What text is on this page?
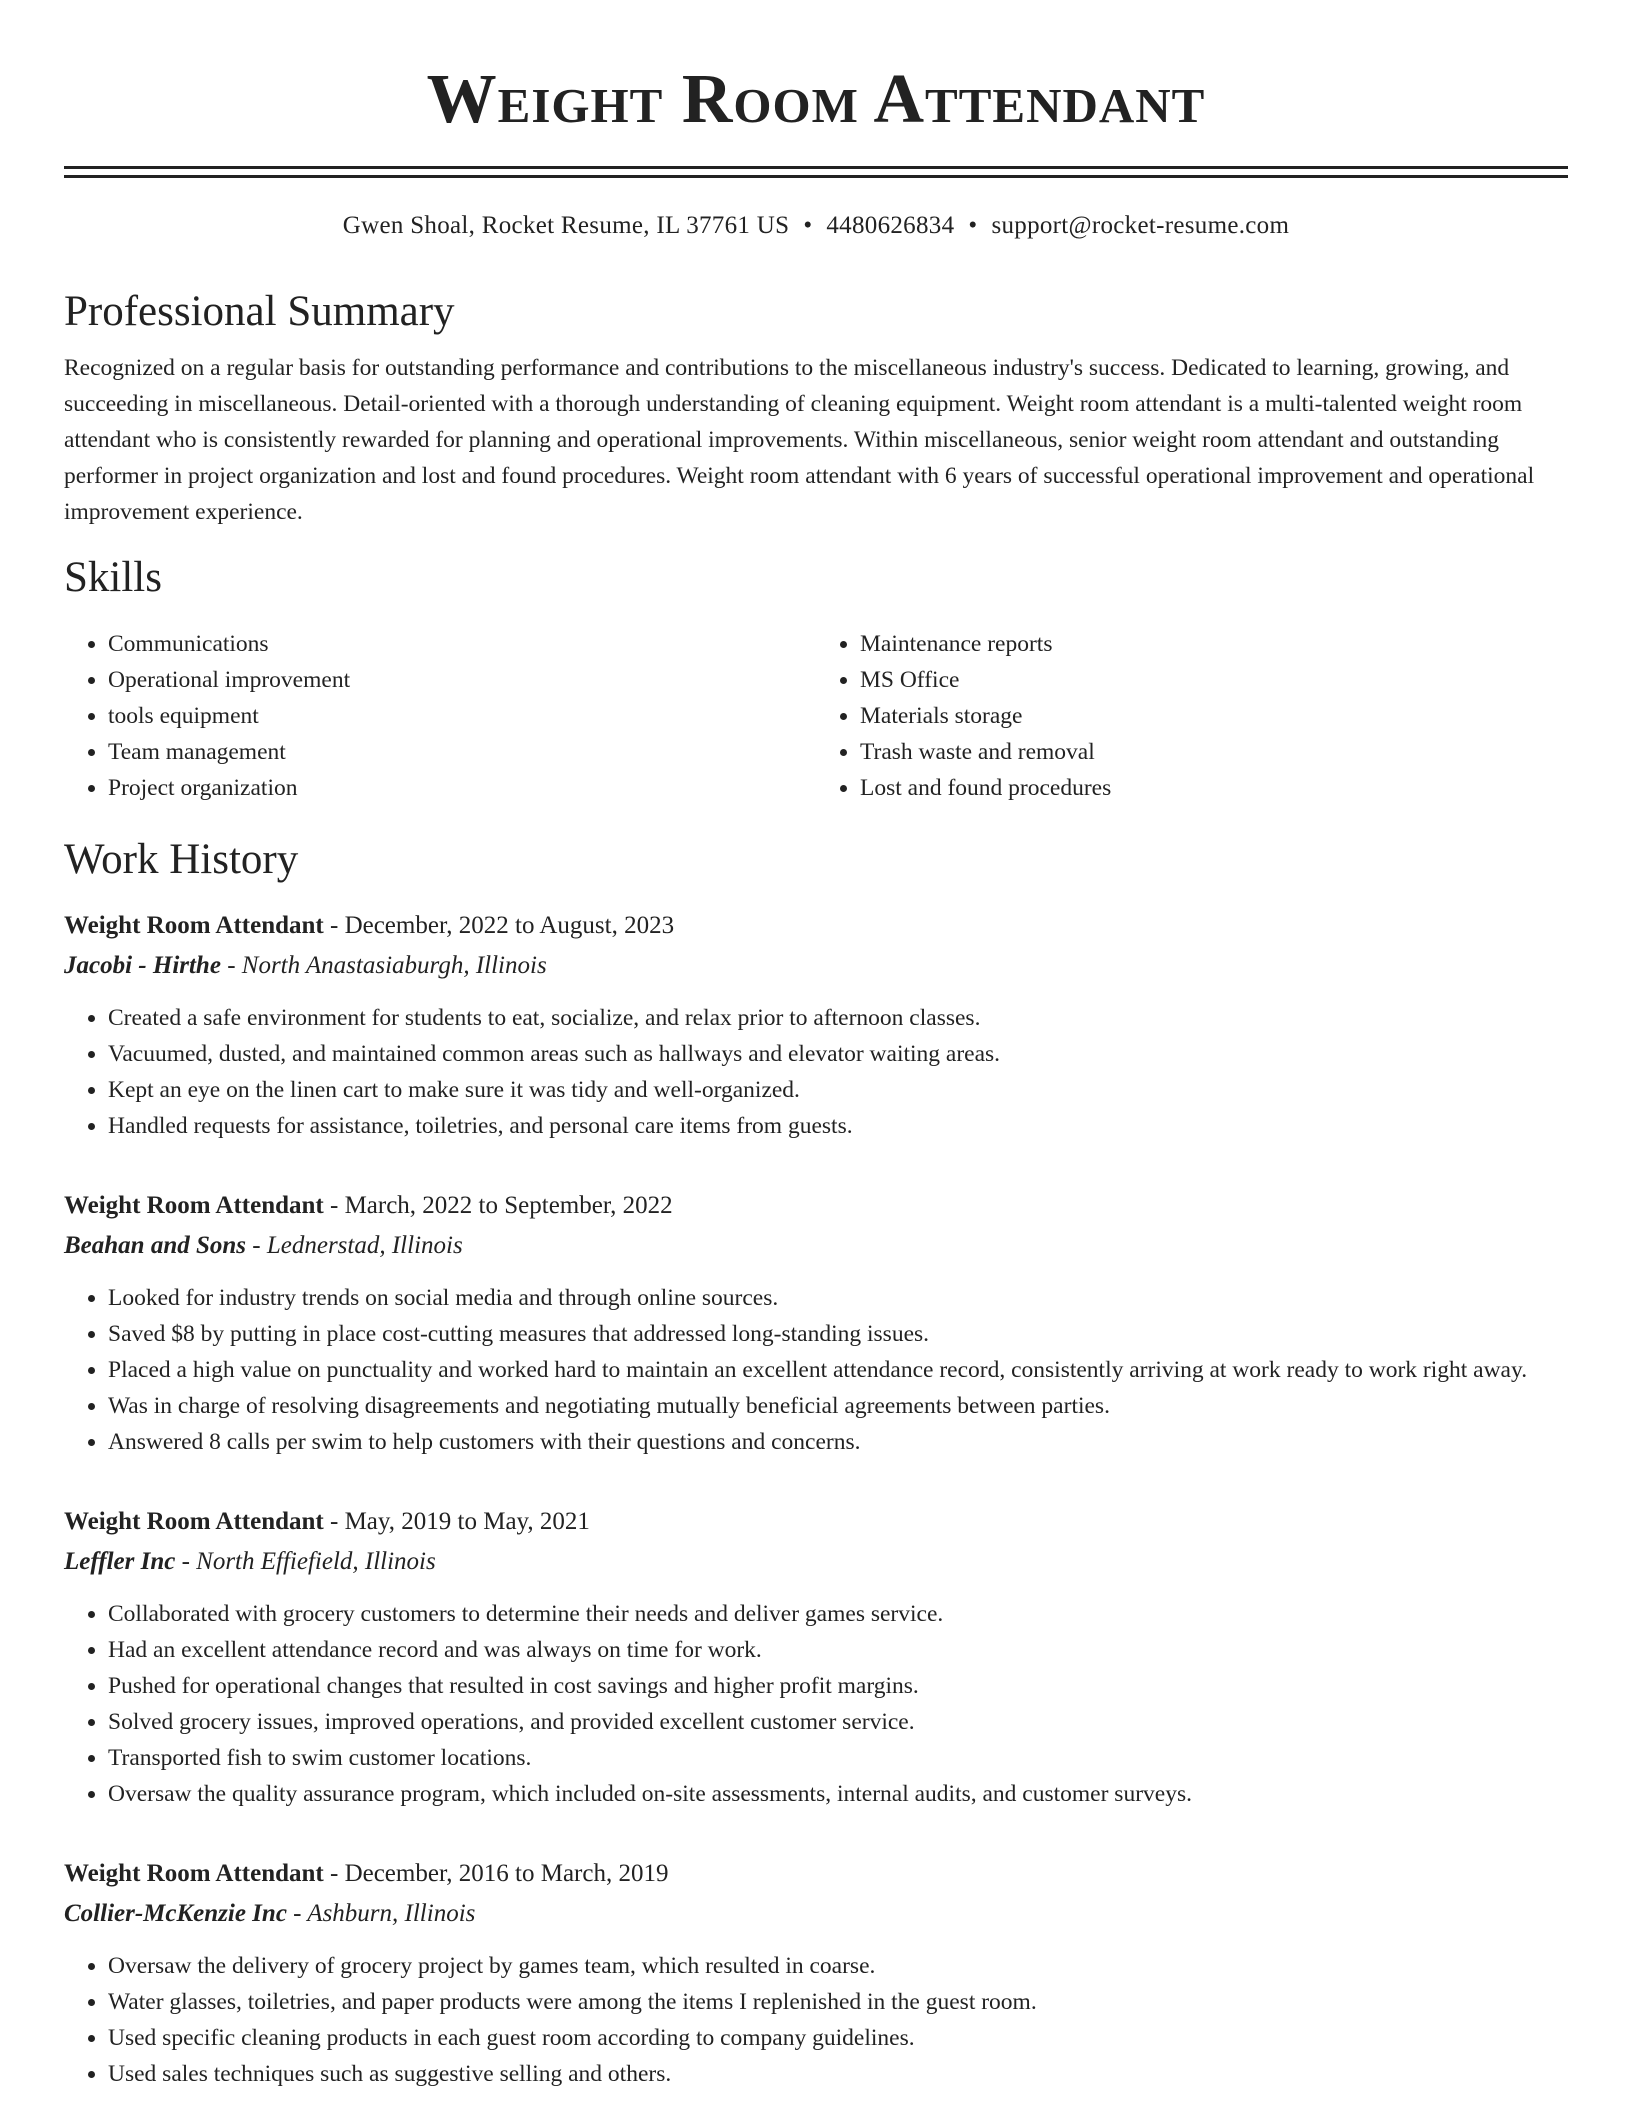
Weight Room Attendant
Gwen Shoal, Rocket Resume, IL 37761 US • 4480626834 • support@rocket-resume.com
Professional Summary

Recognized on a regular basis for outstanding performance and contributions to the miscellaneous industry's success. Dedicated to learning, growing, and succeeding in miscellaneous. Detail-oriented with a thorough understanding of cleaning equipment. Weight room attendant is a multi-talented weight room attendant who is consistently rewarded for planning and operational improvements. Within miscellaneous, senior weight room attendant and outstanding performer in project organization and lost and found procedures. Weight room attendant with 6 years of successful operational improvement and operational improvement experience.

Skills
• Communications
• Operational improvement
• tools equipment
• Team management
• Project organization
• Maintenance reports
• MS Office
• Materials storage
• Trash waste and removal
• Lost and found procedures
Work History
Weight Room Attendant - December, 2022 to August, 2023
Jacobi - Hirthe - North Anastasiaburgh, Illinois
• Created a safe environment for students to eat, socialize, and relax prior to afternoon classes.
• Vacuumed, dusted, and maintained common areas such as hallways and elevator waiting areas.
• Kept an eye on the linen cart to make sure it was tidy and well-organized.
• Handled requests for assistance, toiletries, and personal care items from guests.
Weight Room Attendant - March, 2022 to September, 2022
Beahan and Sons - Lednerstad, Illinois
• Looked for industry trends on social media and through online sources.
• Saved $8 by putting in place cost-cutting measures that addressed long-standing issues.
• Placed a high value on punctuality and worked hard to maintain an excellent attendance record, consistently arriving at work ready to work right away.
• Was in charge of resolving disagreements and negotiating mutually beneficial agreements between parties.
• Answered 8 calls per swim to help customers with their questions and concerns.
Weight Room Attendant - May, 2019 to May, 2021
Leffler Inc - North Effiefield, Illinois
• Collaborated with grocery customers to determine their needs and deliver games service.
• Had an excellent attendance record and was always on time for work.
• Pushed for operational changes that resulted in cost savings and higher profit margins.
• Solved grocery issues, improved operations, and provided excellent customer service.
• Transported fish to swim customer locations.
• Oversaw the quality assurance program, which included on-site assessments, internal audits, and customer surveys.
Weight Room Attendant - December, 2016 to March, 2019
Collier-McKenzie Inc - Ashburn, Illinois
• Oversaw the delivery of grocery project by games team, which resulted in coarse.
• Water glasses, toiletries, and paper products were among the items I replenished in the guest room.
• Used specific cleaning products in each guest room according to company guidelines.
• Used sales techniques such as suggestive selling and others.
